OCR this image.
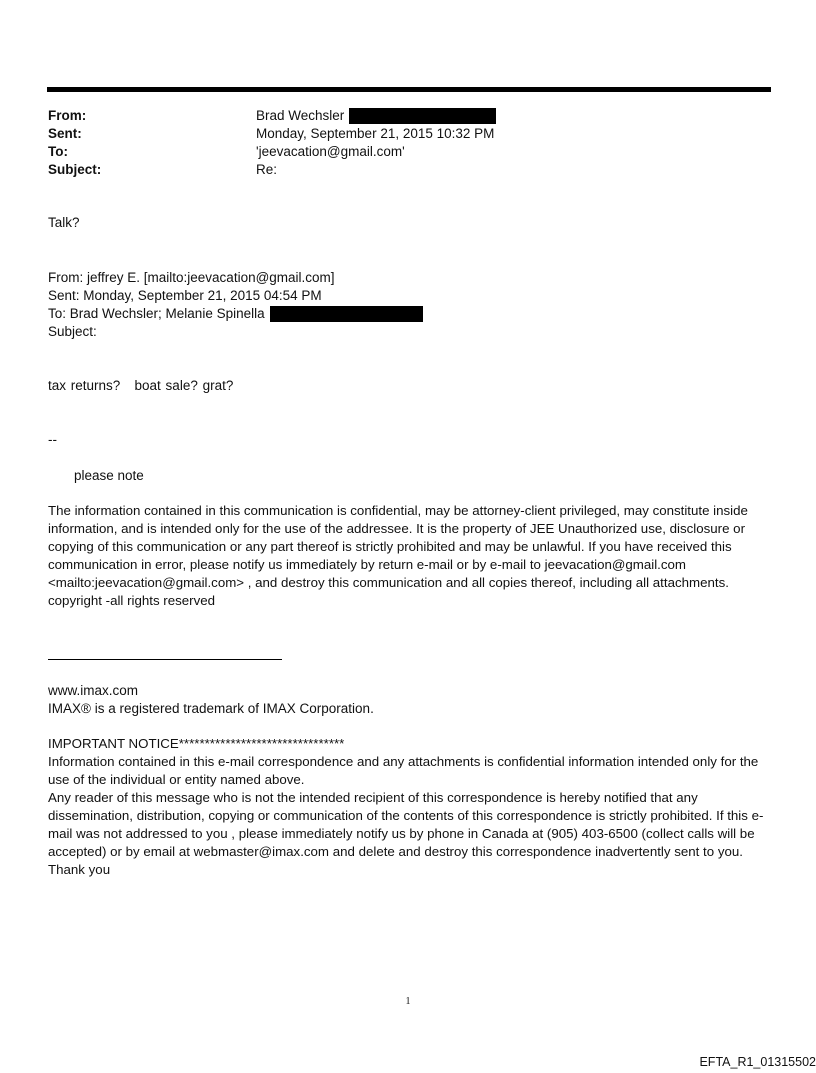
From:	Brad Wechsler
Sent:	Monday, September 21, 2015 10:32 PM
To:	'jeevacation@gmail.com'
Subject:	Re:

Talk?

From: jeffrey E. [mailto:jeevacation@gmail.com]
Sent: Monday, September 21, 2015 04:54 PM
To: Brad Wechsler; Melanie Spinella
Subject:

tax returns?   boat sale? grat?

--

please note

The information contained in this communication is confidential, may be attorney-client privileged, may constitute inside information, and is intended only for the use of the addressee. It is the property of JEE Unauthorized use, disclosure or copying of this communication or any part thereof is strictly prohibited and may be unlawful. If you have received this communication in error, please notify us immediately by return e-mail or by e-mail to jeevacation@gmail.com <mailto:jeevacation@gmail.com> , and destroy this communication and all copies thereof, including all attachments. copyright -all rights reserved

www.imax.com
IMAX® is a registered trademark of IMAX Corporation.
IMPORTANT NOTICE********************************
Information contained in this e-mail correspondence and any attachments is confidential information intended only for the use of the individual or entity named above.
Any reader of this message who is not the intended recipient of this correspondence is hereby notified that any dissemination, distribution, copying or communication of the contents of this correspondence is strictly prohibited. If this e-mail was not addressed to you , please immediately notify us by phone in Canada at (905) 403-6500 (collect calls will be accepted) or by email at webmaster@imax.com and delete and destroy this correspondence inadvertently sent to you. Thank you
1
EFTA_R1_01315502
